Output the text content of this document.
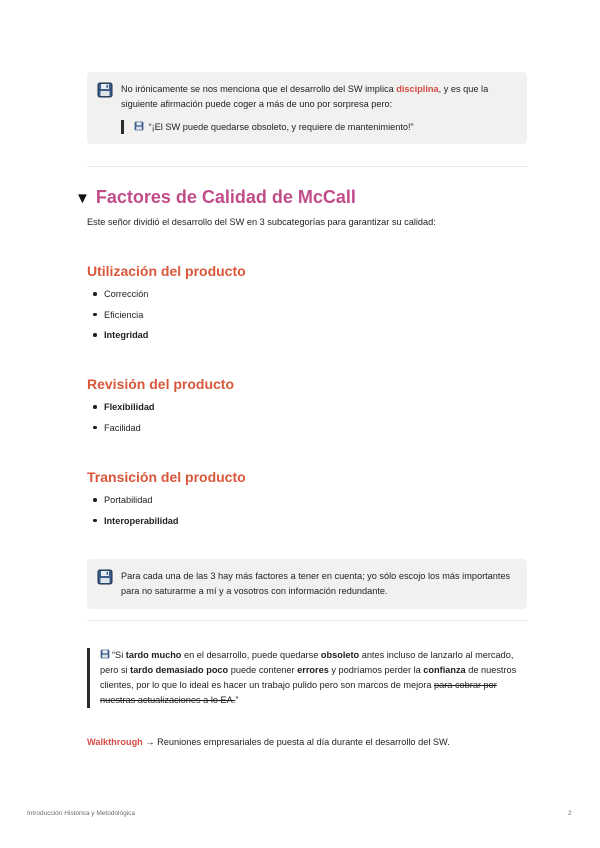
No irónicamente se nos menciona que el desarrollo del SW implica disciplina, y es que la siguiente afirmación puede coger a más de uno por sorpresa pero:
“¡El SW puede quedarse obsoleto, y requiere de mantenimiento!”
▼ Factores de Calidad de McCall
Este señor dividió el desarrollo del SW en 3 subcategorías para garantizar su calidad:
Utilización del producto
Corrección
Eficiencia
Integridad
Revisión del producto
Flexibilidad
Facilidad
Transición del producto
Portabilidad
Interoperabilidad
Para cada una de las 3 hay más factores a tener en cuenta; yo sólo escojo los más importantes para no saturarme a mí y a vosotros con información redundante.
“Si tardo mucho en el desarrollo, puede quedarse obsoleto antes incluso de lanzarlo al mercado, pero si tardo demasiado poco puede contener errores y podríamos perder la confianza de nuestros clientes, por lo que lo ideal es hacer un trabajo pulido pero son marcos de mejora para cobrar por nuestras actualizaciones a lo EA.”
Walkthrough → Reuniones empresariales de puesta al día durante el desarrollo del SW.
Introducción Histórica y Metodológica	2
